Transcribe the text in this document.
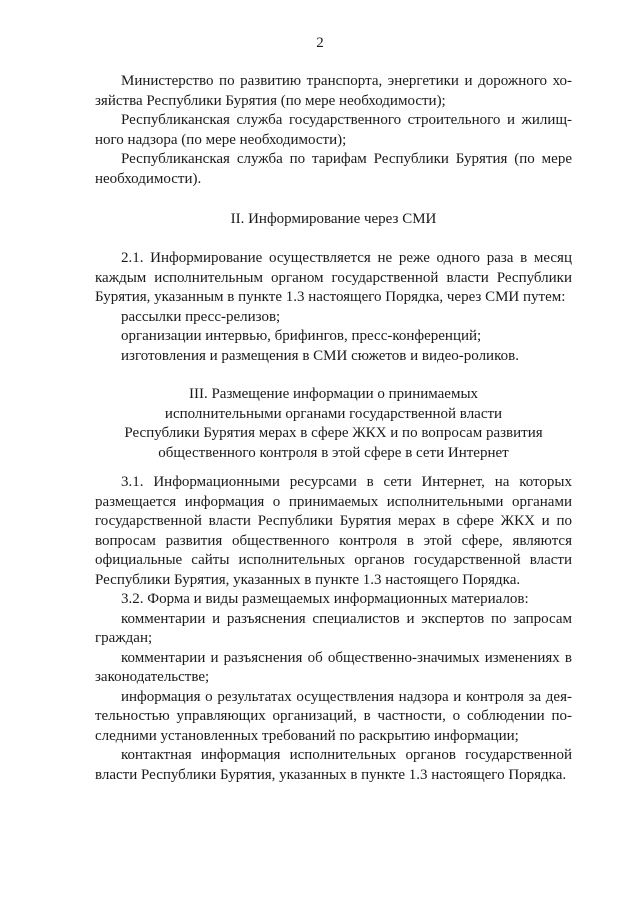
2
Министерство по развитию транспорта, энергетики и дорожного хо-
зяйства Республики Бурятия (по мере необходимости);
Республиканская служба государственного строительного и жилищ-
ного надзора (по мере необходимости);
Республиканская служба по тарифам Республики Бурятия (по мере
необходимости).
II. Информирование через СМИ
2.1. Информирование осуществляется не реже одного раза в месяц
каждым исполнительным органом государственной власти Республики
Бурятия, указанным в пункте 1.3 настоящего Порядка, через СМИ путем:
рассылки пресс-релизов;
организации интервью, брифингов, пресс-конференций;
изготовления и размещения в СМИ сюжетов и видео-роликов.
III. Размещение информации о принимаемых
исполнительными органами государственной власти
Республики Бурятия мерах в сфере ЖКХ и по вопросам развития
общественного контроля в этой сфере в сети Интернет
3.1. Информационными ресурсами в сети Интернет, на которых
размещается информация о принимаемых исполнительными органами
государственной власти Республики Бурятия мерах в сфере ЖКХ и по
вопросам развития общественного контроля в этой сфере, являются
официальные сайты исполнительных органов государственной власти
Республики Бурятия, указанных в пункте 1.3 настоящего Порядка.
3.2. Форма и виды размещаемых информационных материалов:
комментарии и разъяснения специалистов и экспертов по запросам
граждан;
комментарии и разъяснения об общественно-значимых изменениях в
законодательстве;
информация о результатах осуществления надзора и контроля за дея-
тельностью управляющих организаций, в частности, о соблюдении по-
следними установленных требований по раскрытию информации;
контактная информация исполнительных органов государственной
власти Республики Бурятия, указанных в пункте 1.3 настоящего Порядка.
